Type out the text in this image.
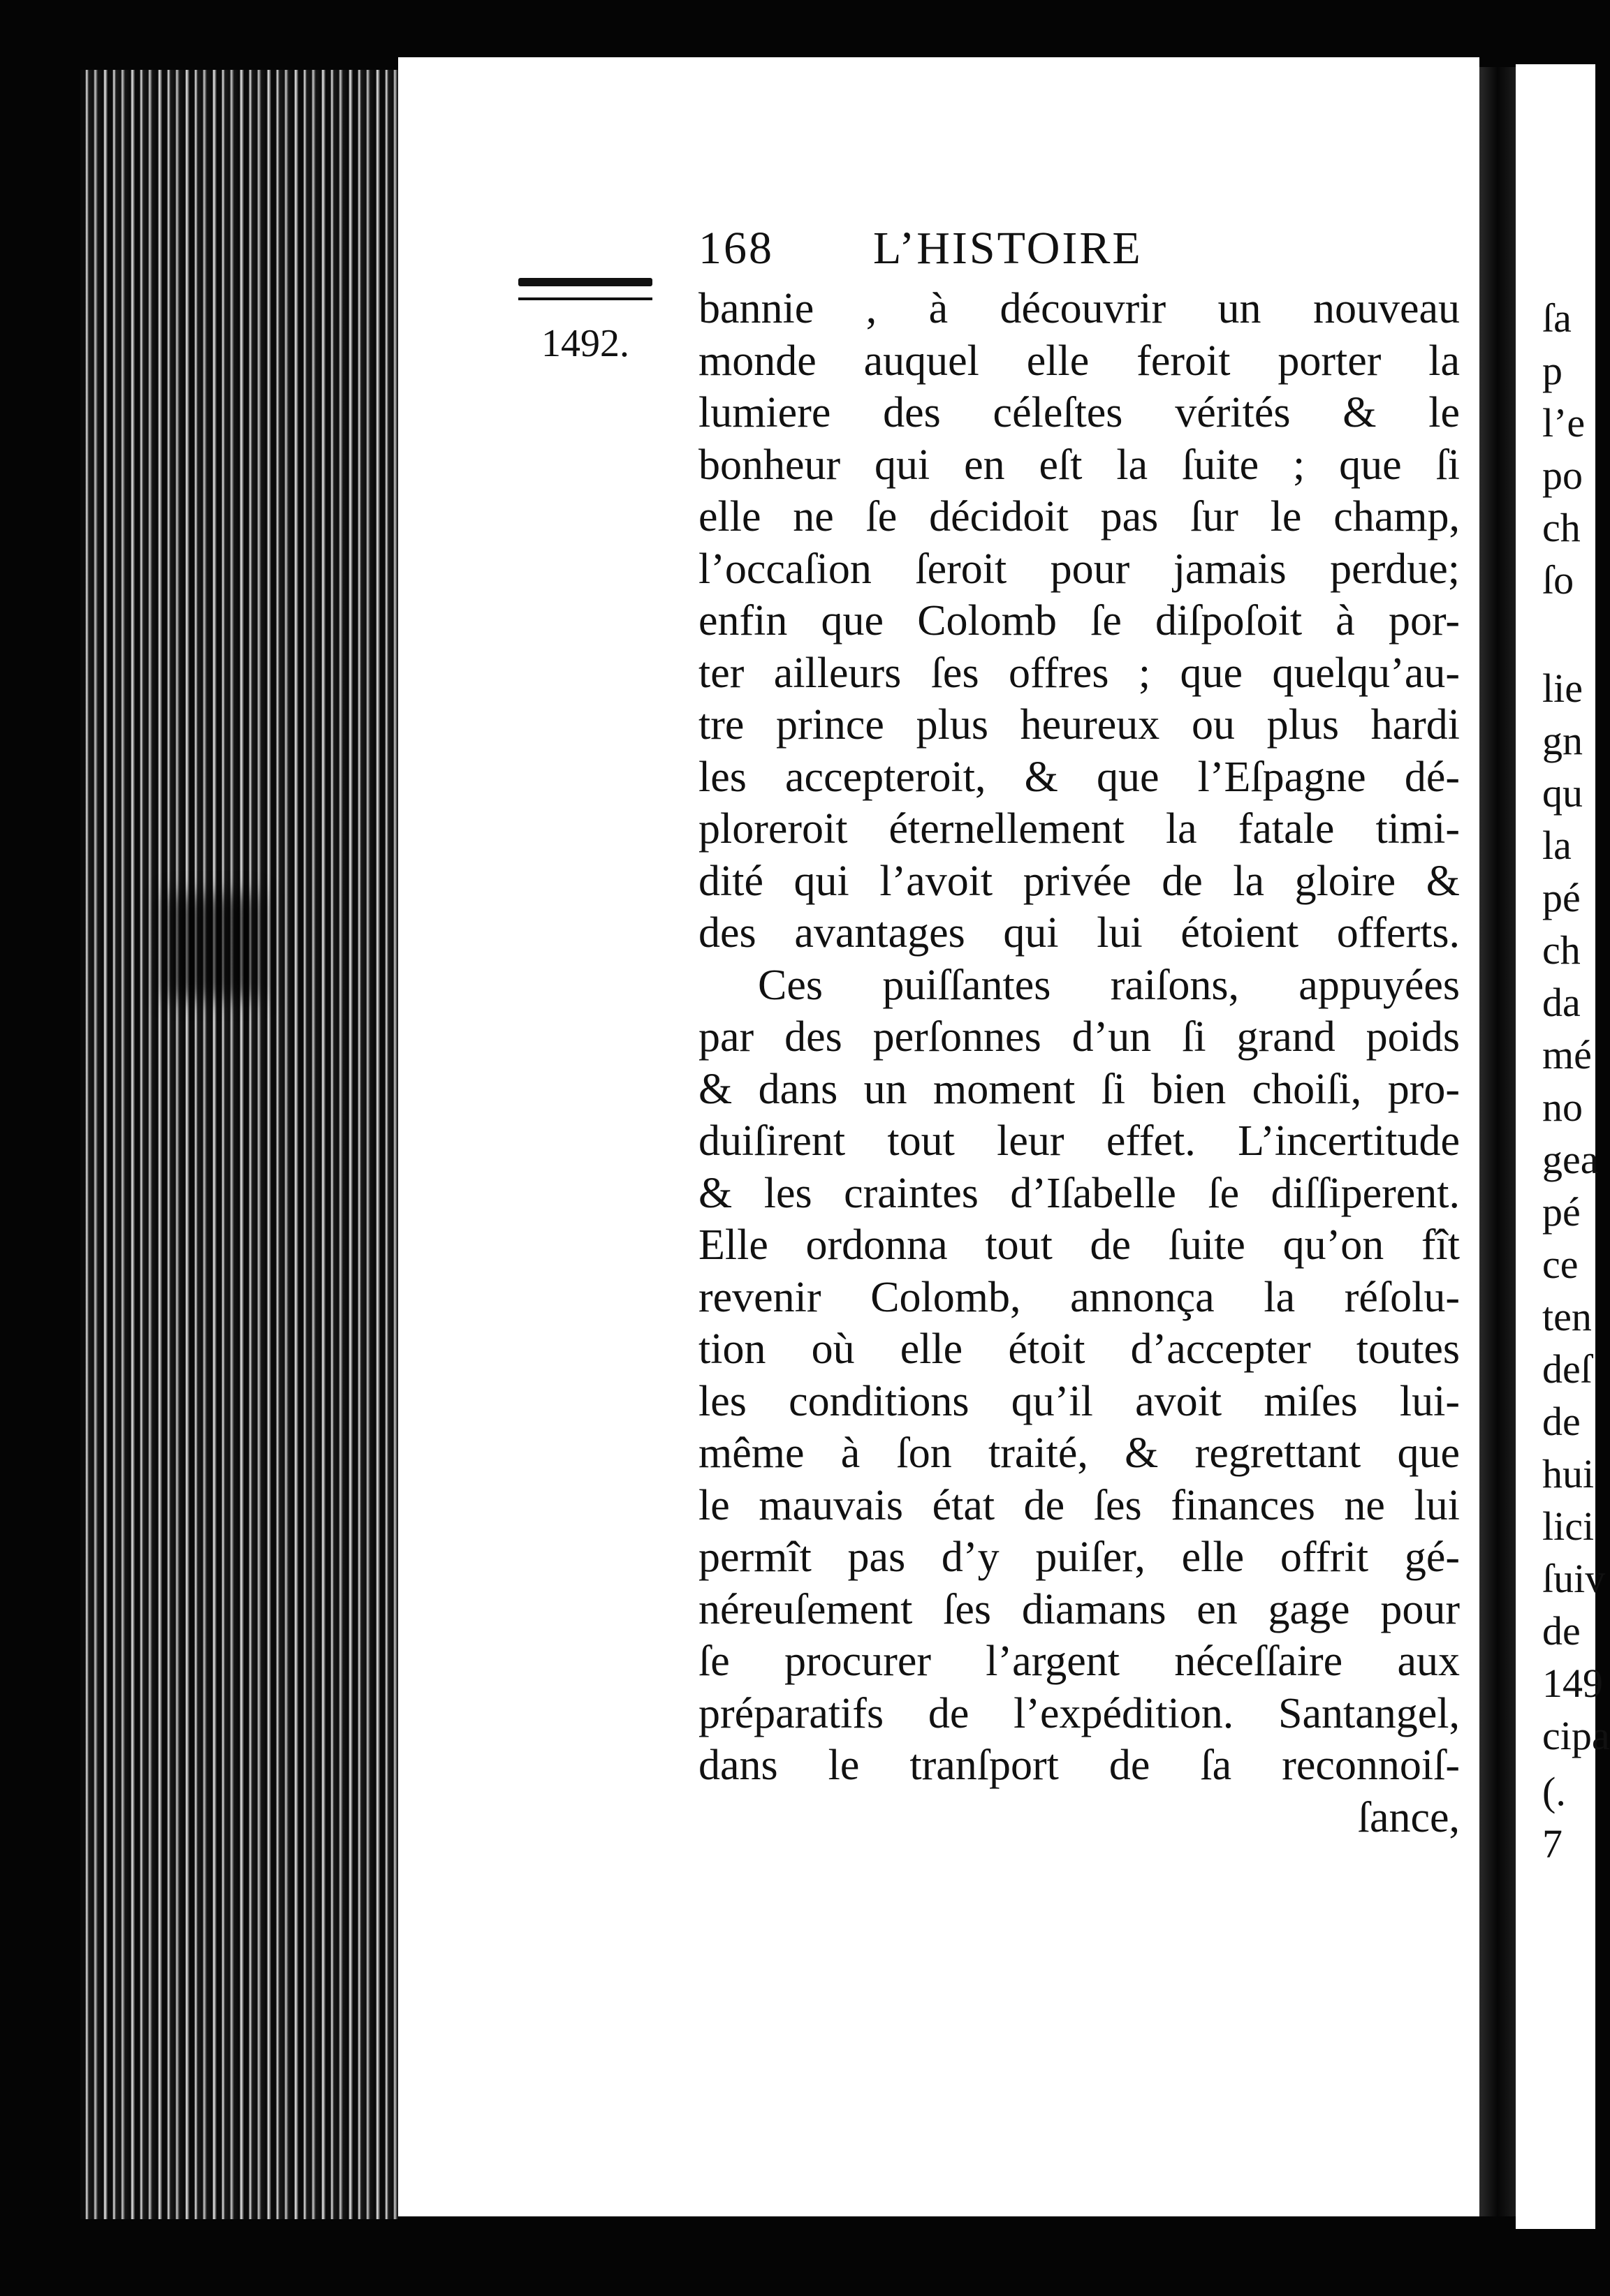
168 L’HISTOIRE
1492.
bannie , à découvrir un nouveau
monde auquel elle feroit porter la
lumiere des céleſtes vérités & le
bonheur qui en eſt la ſuite ; que ſi
elle ne ſe décidoit pas ſur le champ,
l’occaſion ſeroit pour jamais perdue;
enfin que Colomb ſe diſpoſoit à por-
ter ailleurs ſes offres ; que quelqu’au-
tre prince plus heureux ou plus hardi
les accepteroit, & que l’Eſpagne dé-
ploreroit éternellement la fatale timi-
dité qui l’avoit privée de la gloire &
des avantages qui lui étoient offerts.
Ces puiſſantes raiſons, appuyées
par des perſonnes d’un ſi grand poids
& dans un moment ſi bien choiſi, pro-
duiſirent tout leur effet. L’incertitude
& les craintes d’Iſabelle ſe diſſiperent.
Elle ordonna tout de ſuite qu’on fît
revenir Colomb, annonça la réſolu-
tion où elle étoit d’accepter toutes
les conditions qu’il avoit miſes lui-
même à ſon traité, & regrettant que
le mauvais état de ſes finances ne lui
permît pas d’y puiſer, elle offrit gé-
néreuſement ſes diamans en gage pour
ſe procurer l’argent néceſſaire aux
préparatifs de l’expédition. Santangel,
dans le tranſport de ſa reconnoiſ-
ſance,
ſa
p
l’e
po
ch
ſo
lie
gn
qu
la
pé
ch
da
mé
no
gea
pé
ce
ten
deſ
de
hui
lici
ſuiv
de
149
cipa
(.
7
